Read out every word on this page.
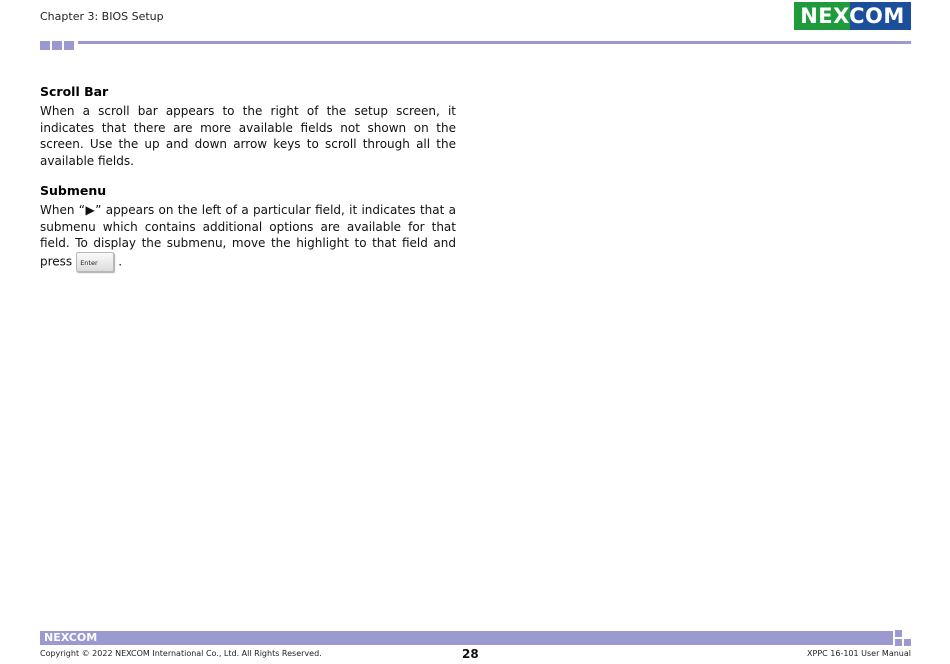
Chapter 3: BIOS Setup	NEXCOM
Scroll Bar

When a scroll bar appears to the right of the setup screen, it indicates that there are more available fields not shown on the screen. Use the up and down arrow keys to scroll through all the available fields.

Submenu

When “▶” appears on the left of a particular field, it indicates that a submenu which contains additional options are available for that field. To display the submenu, move the highlight to that field and press Enter .

NEXCOM
Copyright © 2022 NEXCOM International Co., Ltd. All Rights Reserved.	28	XPPC 16-101 User Manual
